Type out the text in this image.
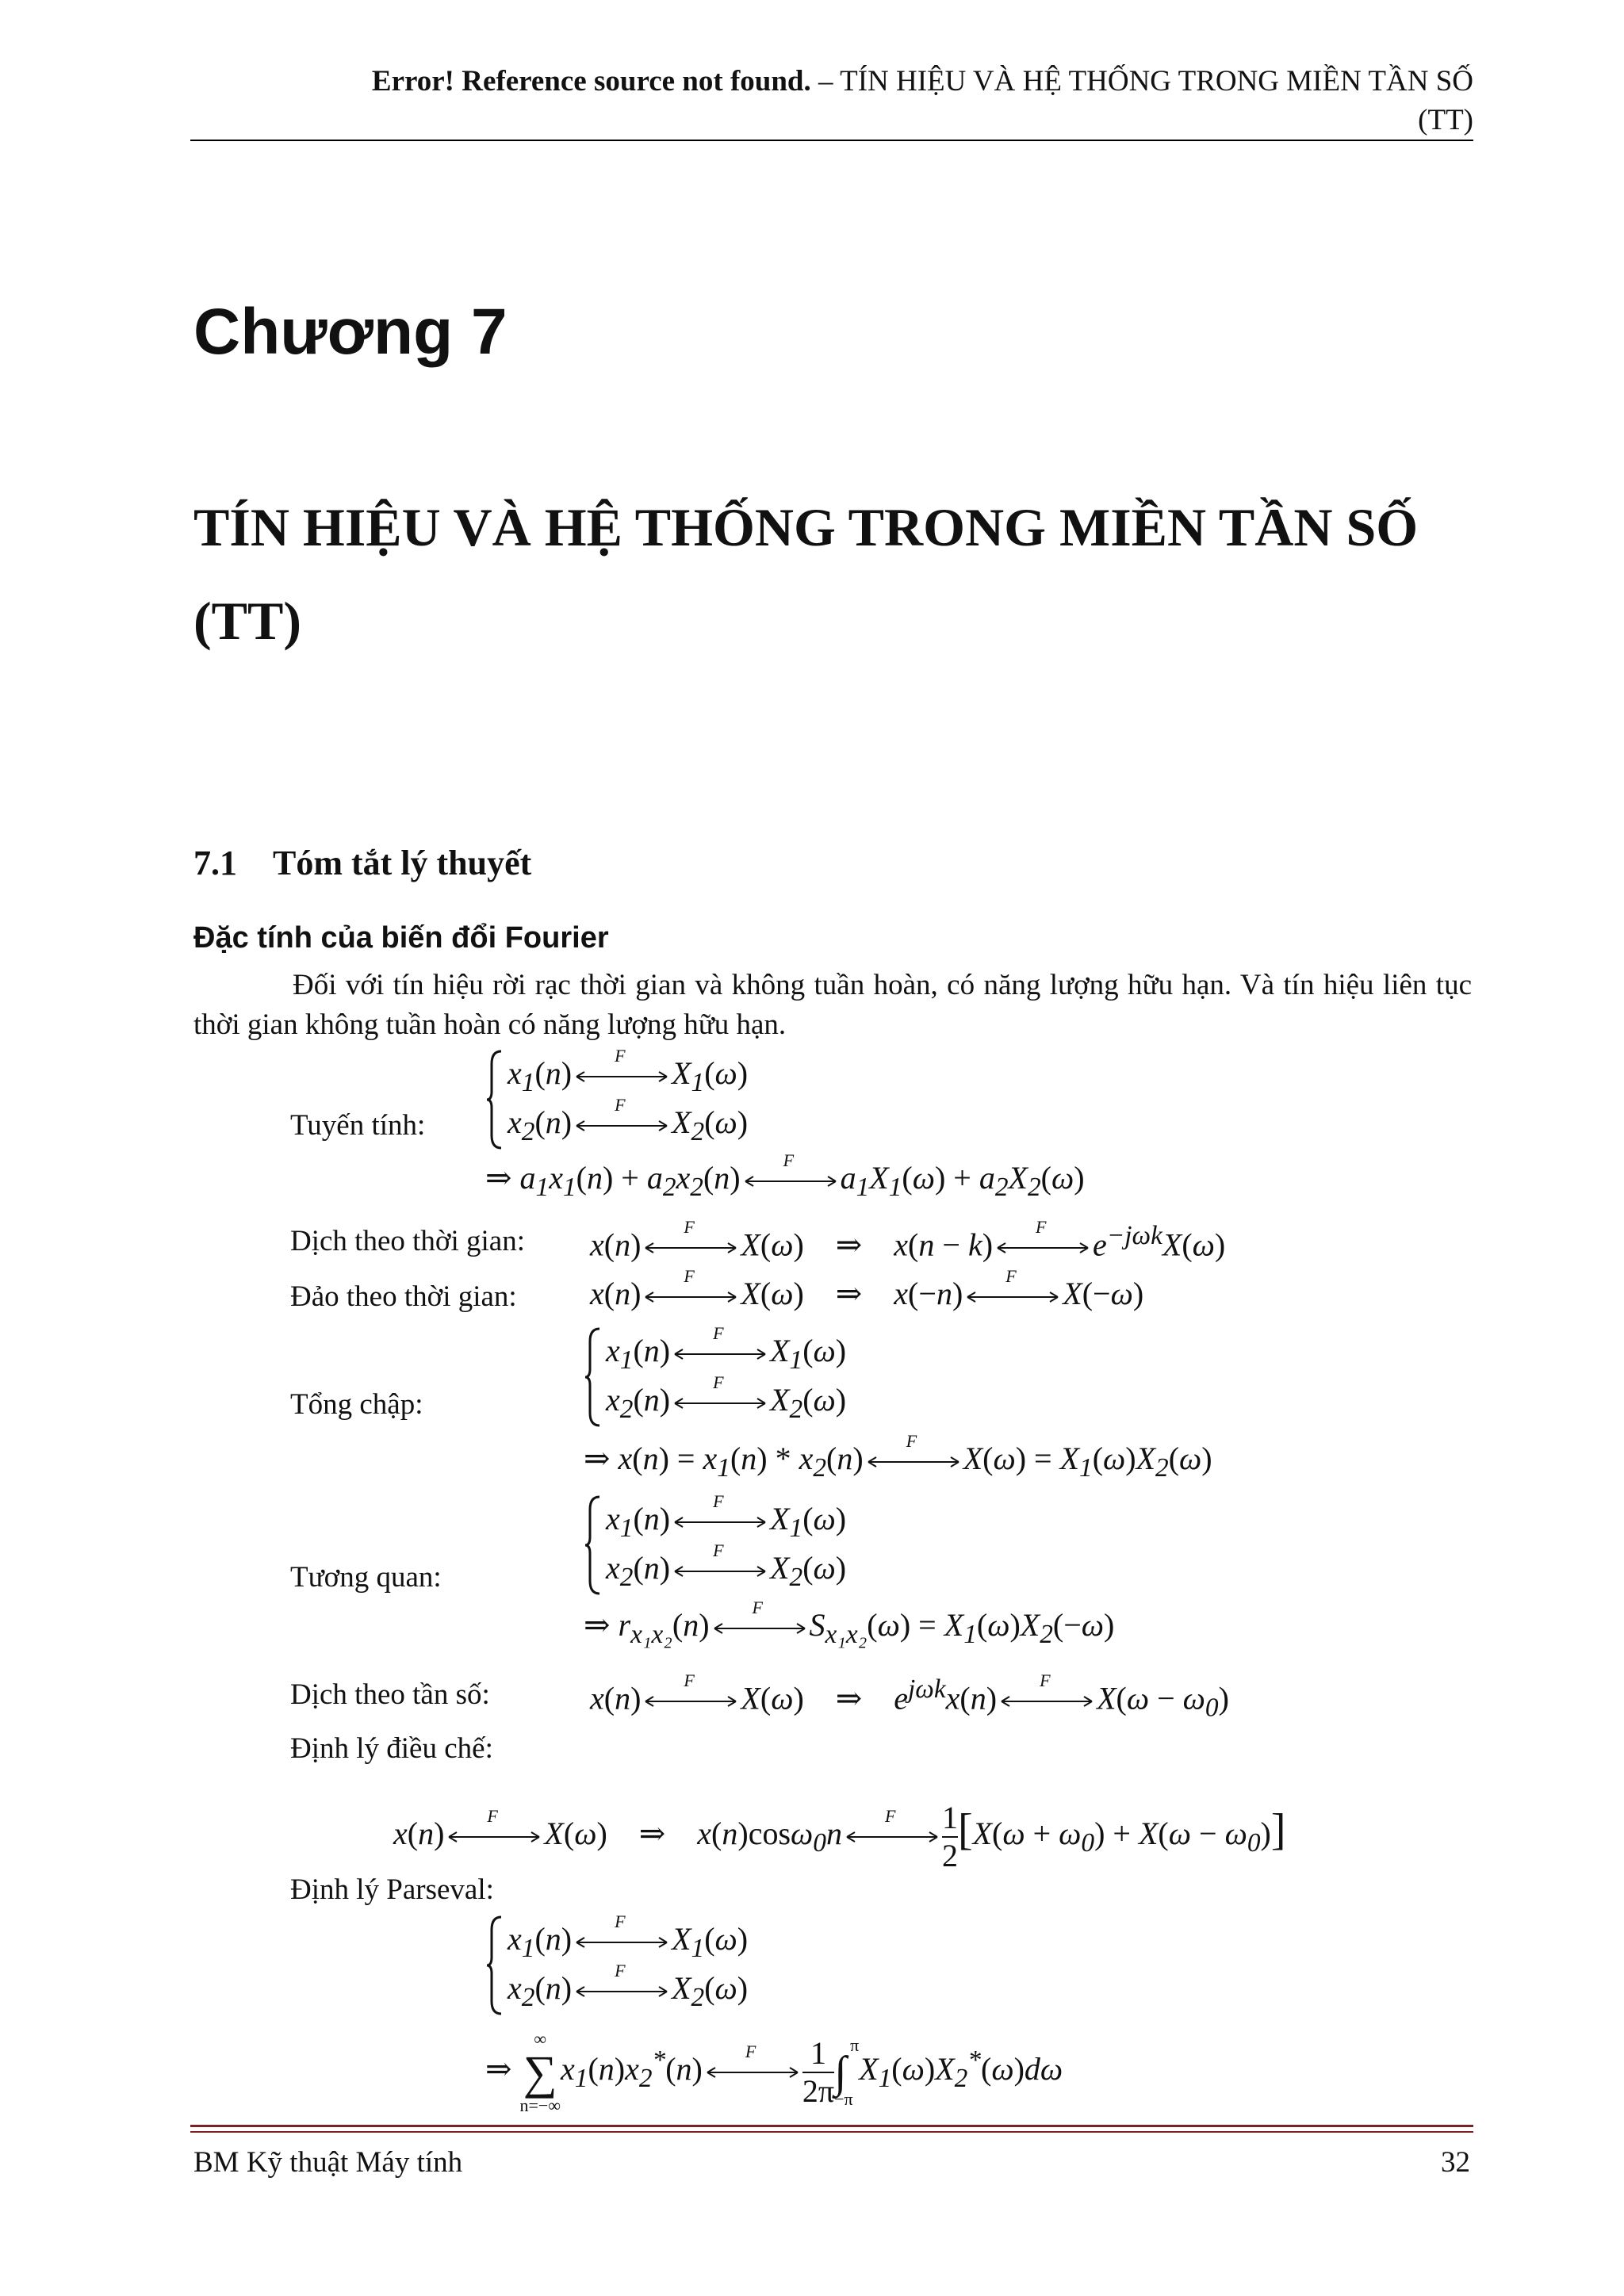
Error! Reference source not found. – TÍN HIỆU VÀ HỆ THỐNG TRONG MIỀN TẦN SỐ
(TT)
Chương 7
TÍN HIỆU VÀ HỆ THỐNG TRONG MIỀN TẦN SỐ
(TT)
7.1 Tóm tắt lý thuyết
Đặc tính của biến đổi Fourier
Đối với tín hiệu rời rạc thời gian và không tuần hoàn, có năng lượng hữu hạn. Và tín hiệu liên tục thời gian không tuần hoàn có năng lượng hữu hạn.
Tuyến tính:
$x_1(n)$ F $X_1(\omega)$
$x_2(n)$ F $X_2(\omega)$
⇒ $a_1x_1(n) + a_2x_2(n)$ F $a_1X_1(\omega) + a_2X_2(\omega)$
Dịch theo thời gian: x(n) F X(ω)    ⇒    x(n − k) F $e^{-j\omega k}X(\omega)$
Đảo theo thời gian: x(n) F X(ω)    ⇒    x(−n) F X(−ω)
Tổng chập:
$x_1(n)$ F $X_1(\omega)$
$x_2(n)$ F $X_2(\omega)$
⇒ $x(n) = x_1(n) * x_2(n)$ F $X(\omega) = X_1(\omega)X_2(\omega)$
Tương quan:
$x_1(n)$ F $X_1(\omega)$
$x_2(n)$ F $X_2(\omega)$
⇒ $r_{x_1x_2}(n)$ F $S_{x_1x_2}(\omega) = X_1(\omega)X_2(-\omega)$
Dịch theo tần số:	x(n) F X(ω)    ⇒    $e^{j\omega k}x(n)$ F $X(\omega - \omega_0)$
Định lý điều chế:
x(n) F X(ω)    ⇒    x(n)cosω$_0$n F 1

2
$[X(\omega + \omega_0) + X(\omega - \omega_0)]$
Định lý Parseval:
$x_1(n)$ F $X_1(\omega)$
$x_2(n)$ F $X_2(\omega)$
⇒ ∞
∑
$n=-\infty x_1(n)x_2^*(n)$ F 1

2π
π
∫
$-\pi X_1(\omega)X_2^*(\omega)d\omega$
BM Kỹ thuật Máy tính	32
